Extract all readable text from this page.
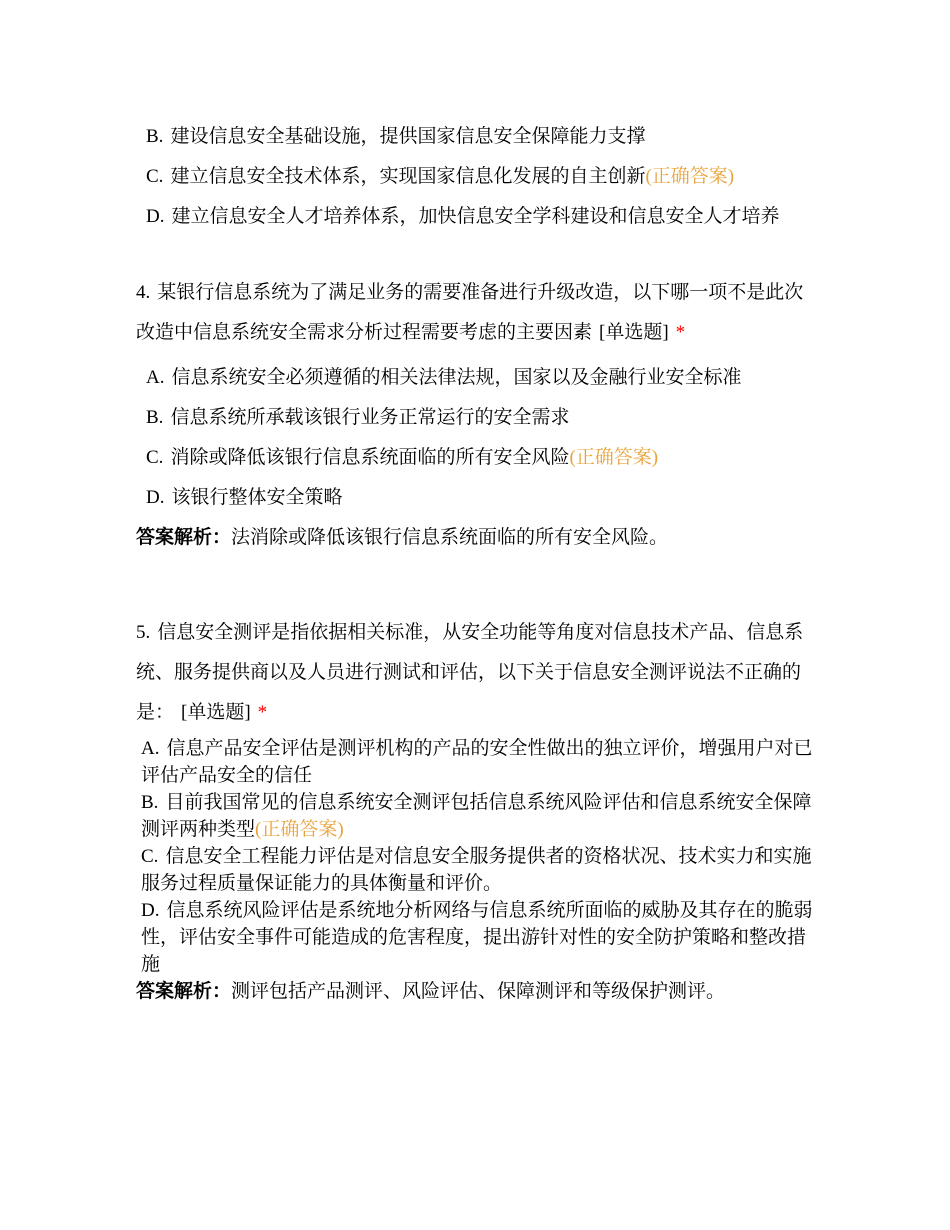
B. 建设信息安全基础设施，提供国家信息安全保障能力支撑
C. 建立信息安全技术体系，实现国家信息化发展的自主创新(正确答案)
D. 建立信息安全人才培养体系，加快信息安全学科建设和信息安全人才培养

4. 某银行信息系统为了满足业务的需要准备进行升级改造，以下哪一项不是此次改造中信息系统安全需求分析过程需要考虑的主要因素 [单选题] *

A. 信息系统安全必须遵循的相关法律法规，国家以及金融行业安全标准
B. 信息系统所承载该银行业务正常运行的安全需求
C. 消除或降低该银行信息系统面临的所有安全风险(正确答案)
D. 该银行整体安全策略

答案解析：法消除或降低该银行信息系统面临的所有安全风险。

5. 信息安全测评是指依据相关标准，从安全功能等角度对信息技术产品、信息系统、服务提供商以及人员进行测试和评估，以下关于信息安全测评说法不正确的是： [单选题] *

A. 信息产品安全评估是测评机构的产品的安全性做出的独立评价，增强用户对已评估产品安全的信任
B. 目前我国常见的信息系统安全测评包括信息系统风险评估和信息系统安全保障测评两种类型(正确答案)
C. 信息安全工程能力评估是对信息安全服务提供者的资格状况、技术实力和实施服务过程质量保证能力的具体衡量和评价。
D. 信息系统风险评估是系统地分析网络与信息系统所面临的威胁及其存在的脆弱性，评估安全事件可能造成的危害程度，提出游针对性的安全防护策略和整改措施

答案解析：测评包括产品测评、风险评估、保障测评和等级保护测评。
